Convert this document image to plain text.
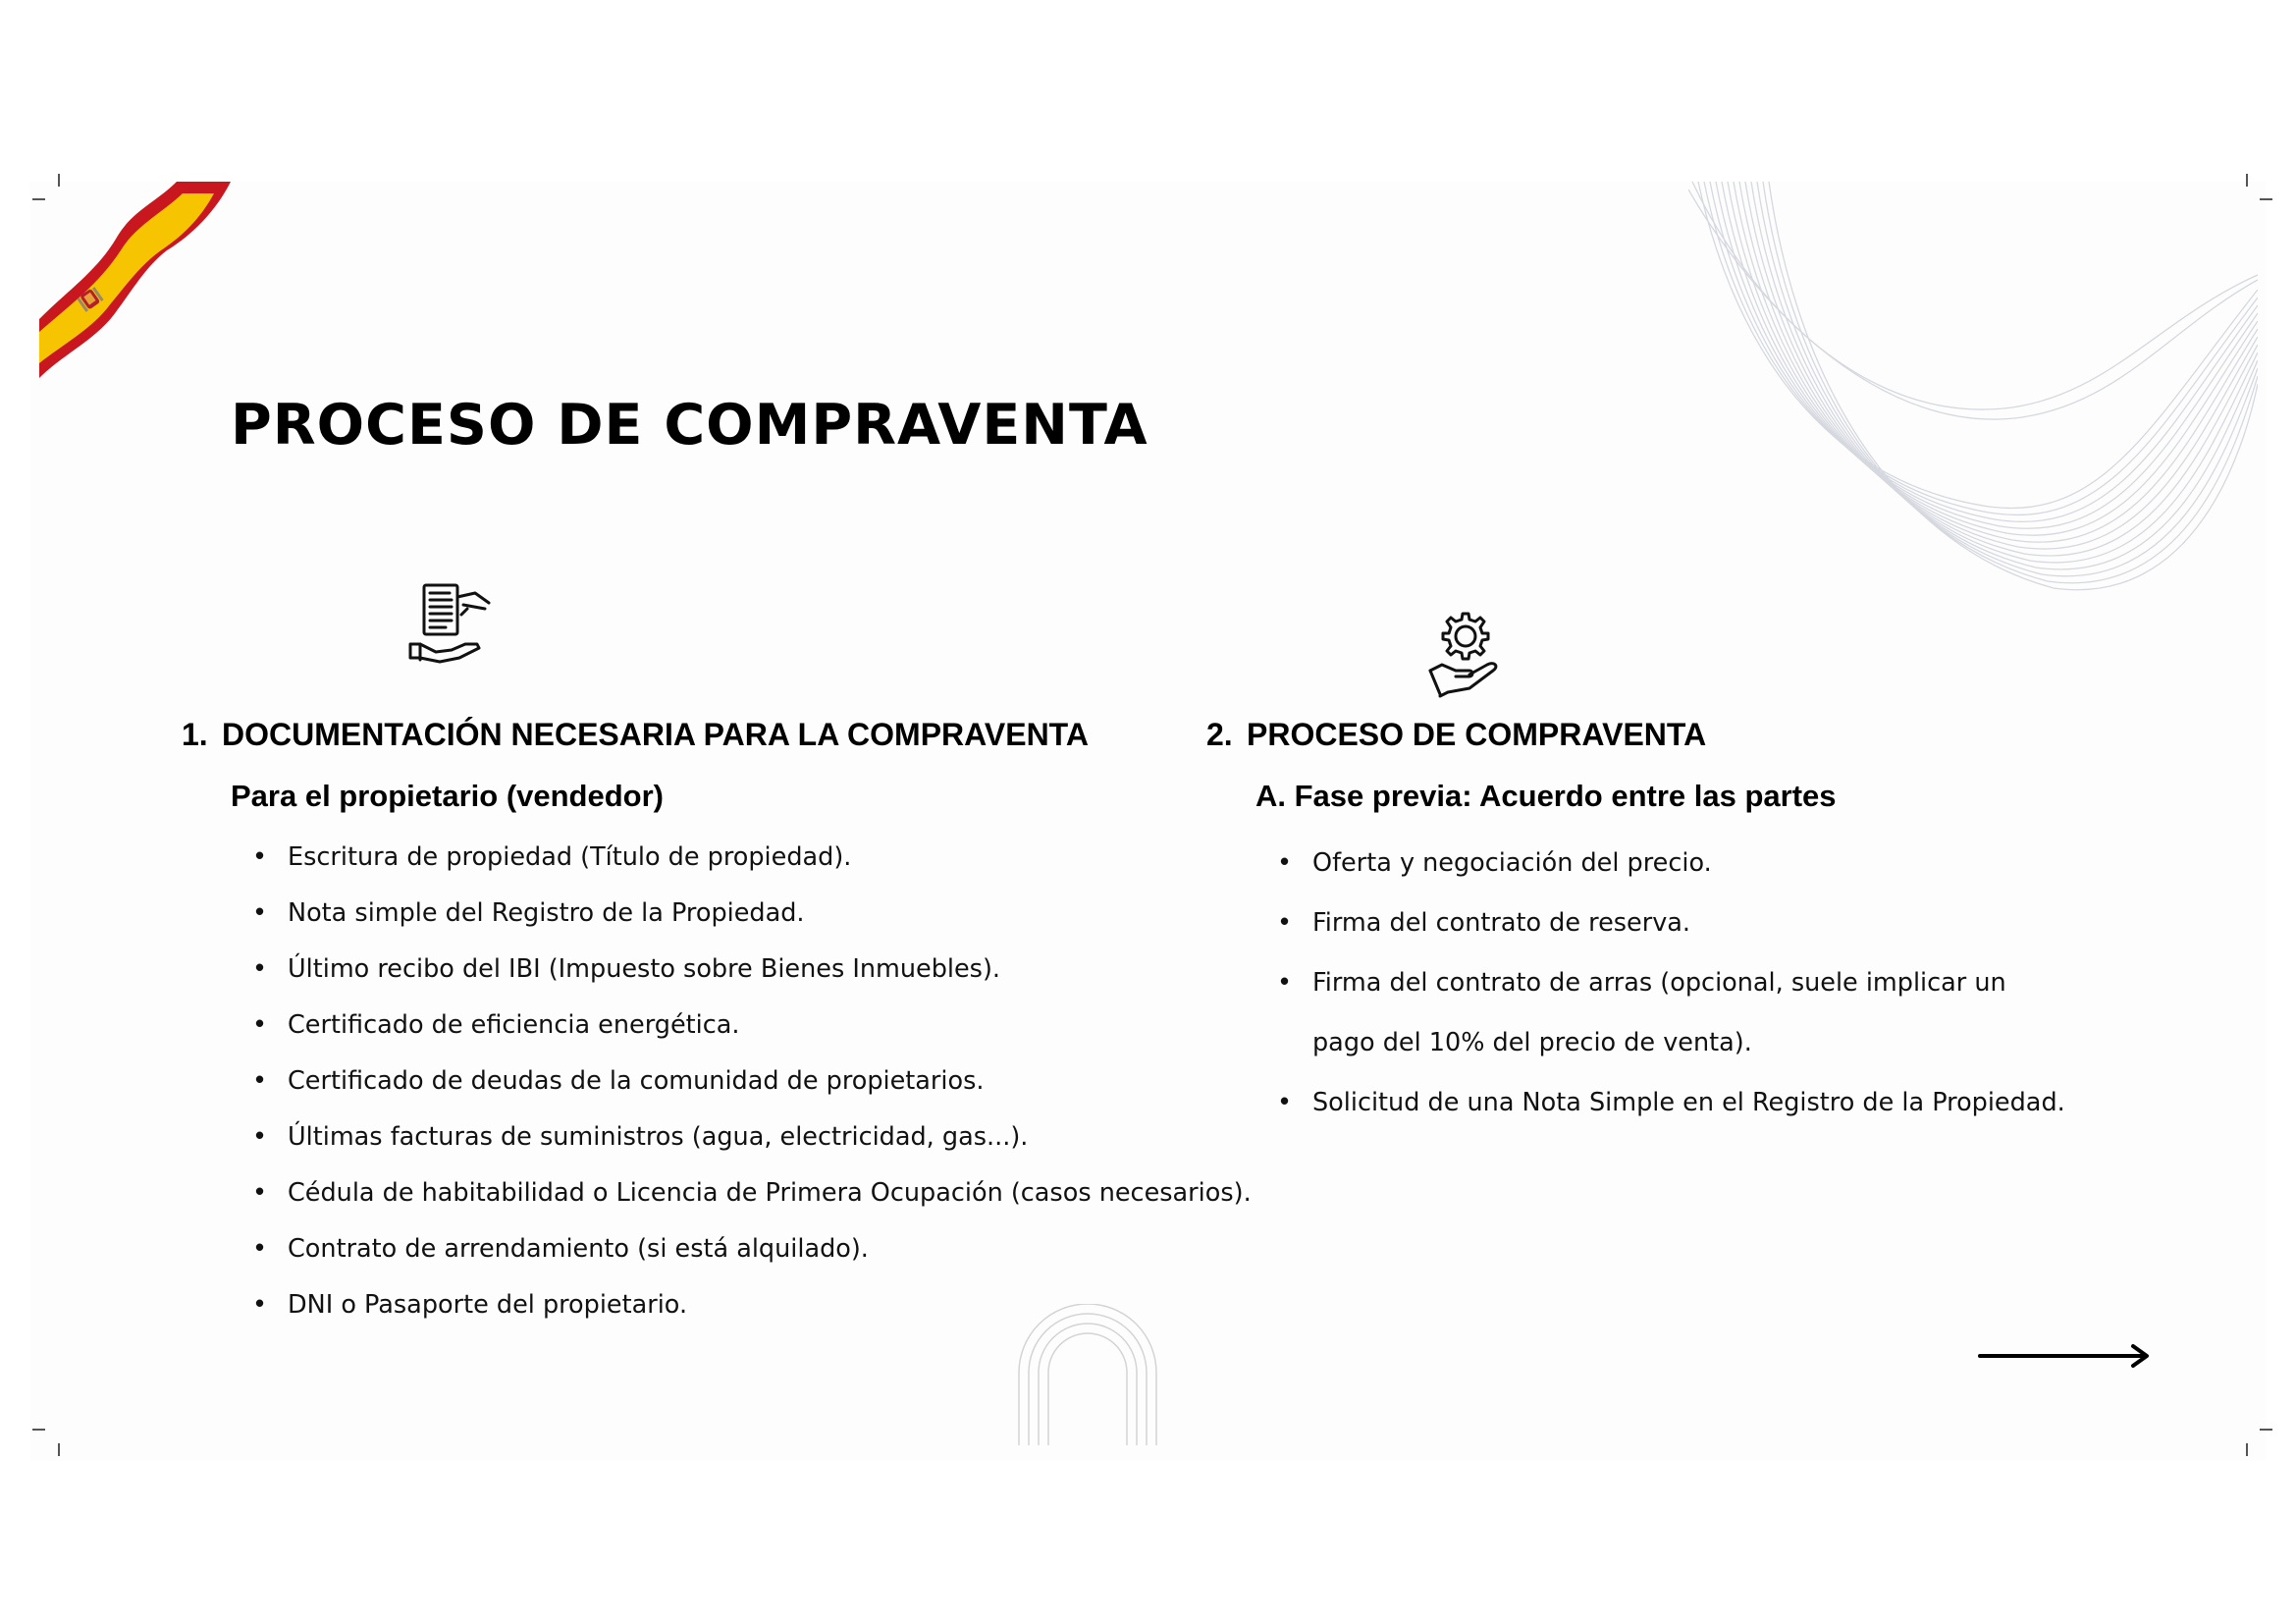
PROCESO DE COMPRAVENTA
1. DOCUMENTACIÓN NECESARIA PARA LA COMPRAVENTA
Para el propietario (vendedor)
• Escritura de propiedad (Título de propiedad).
• Nota simple del Registro de la Propiedad.
• Último recibo del IBI (Impuesto sobre Bienes Inmuebles).
• Certificado de eficiencia energética.
• Certificado de deudas de la comunidad de propietarios.
• Últimas facturas de suministros (agua, electricidad, gas...).
• Cédula de habitabilidad o Licencia de Primera Ocupación (casos necesarios).
• Contrato de arrendamiento (si está alquilado).
• DNI o Pasaporte del propietario.
2. PROCESO DE COMPRAVENTA
A. Fase previa: Acuerdo entre las partes
• Oferta y negociación del precio.
• Firma del contrato de reserva.
• Firma del contrato de arras (opcional, suele implicar un pago del 10% del precio de venta).
• Solicitud de una Nota Simple en el Registro de la Propiedad.
